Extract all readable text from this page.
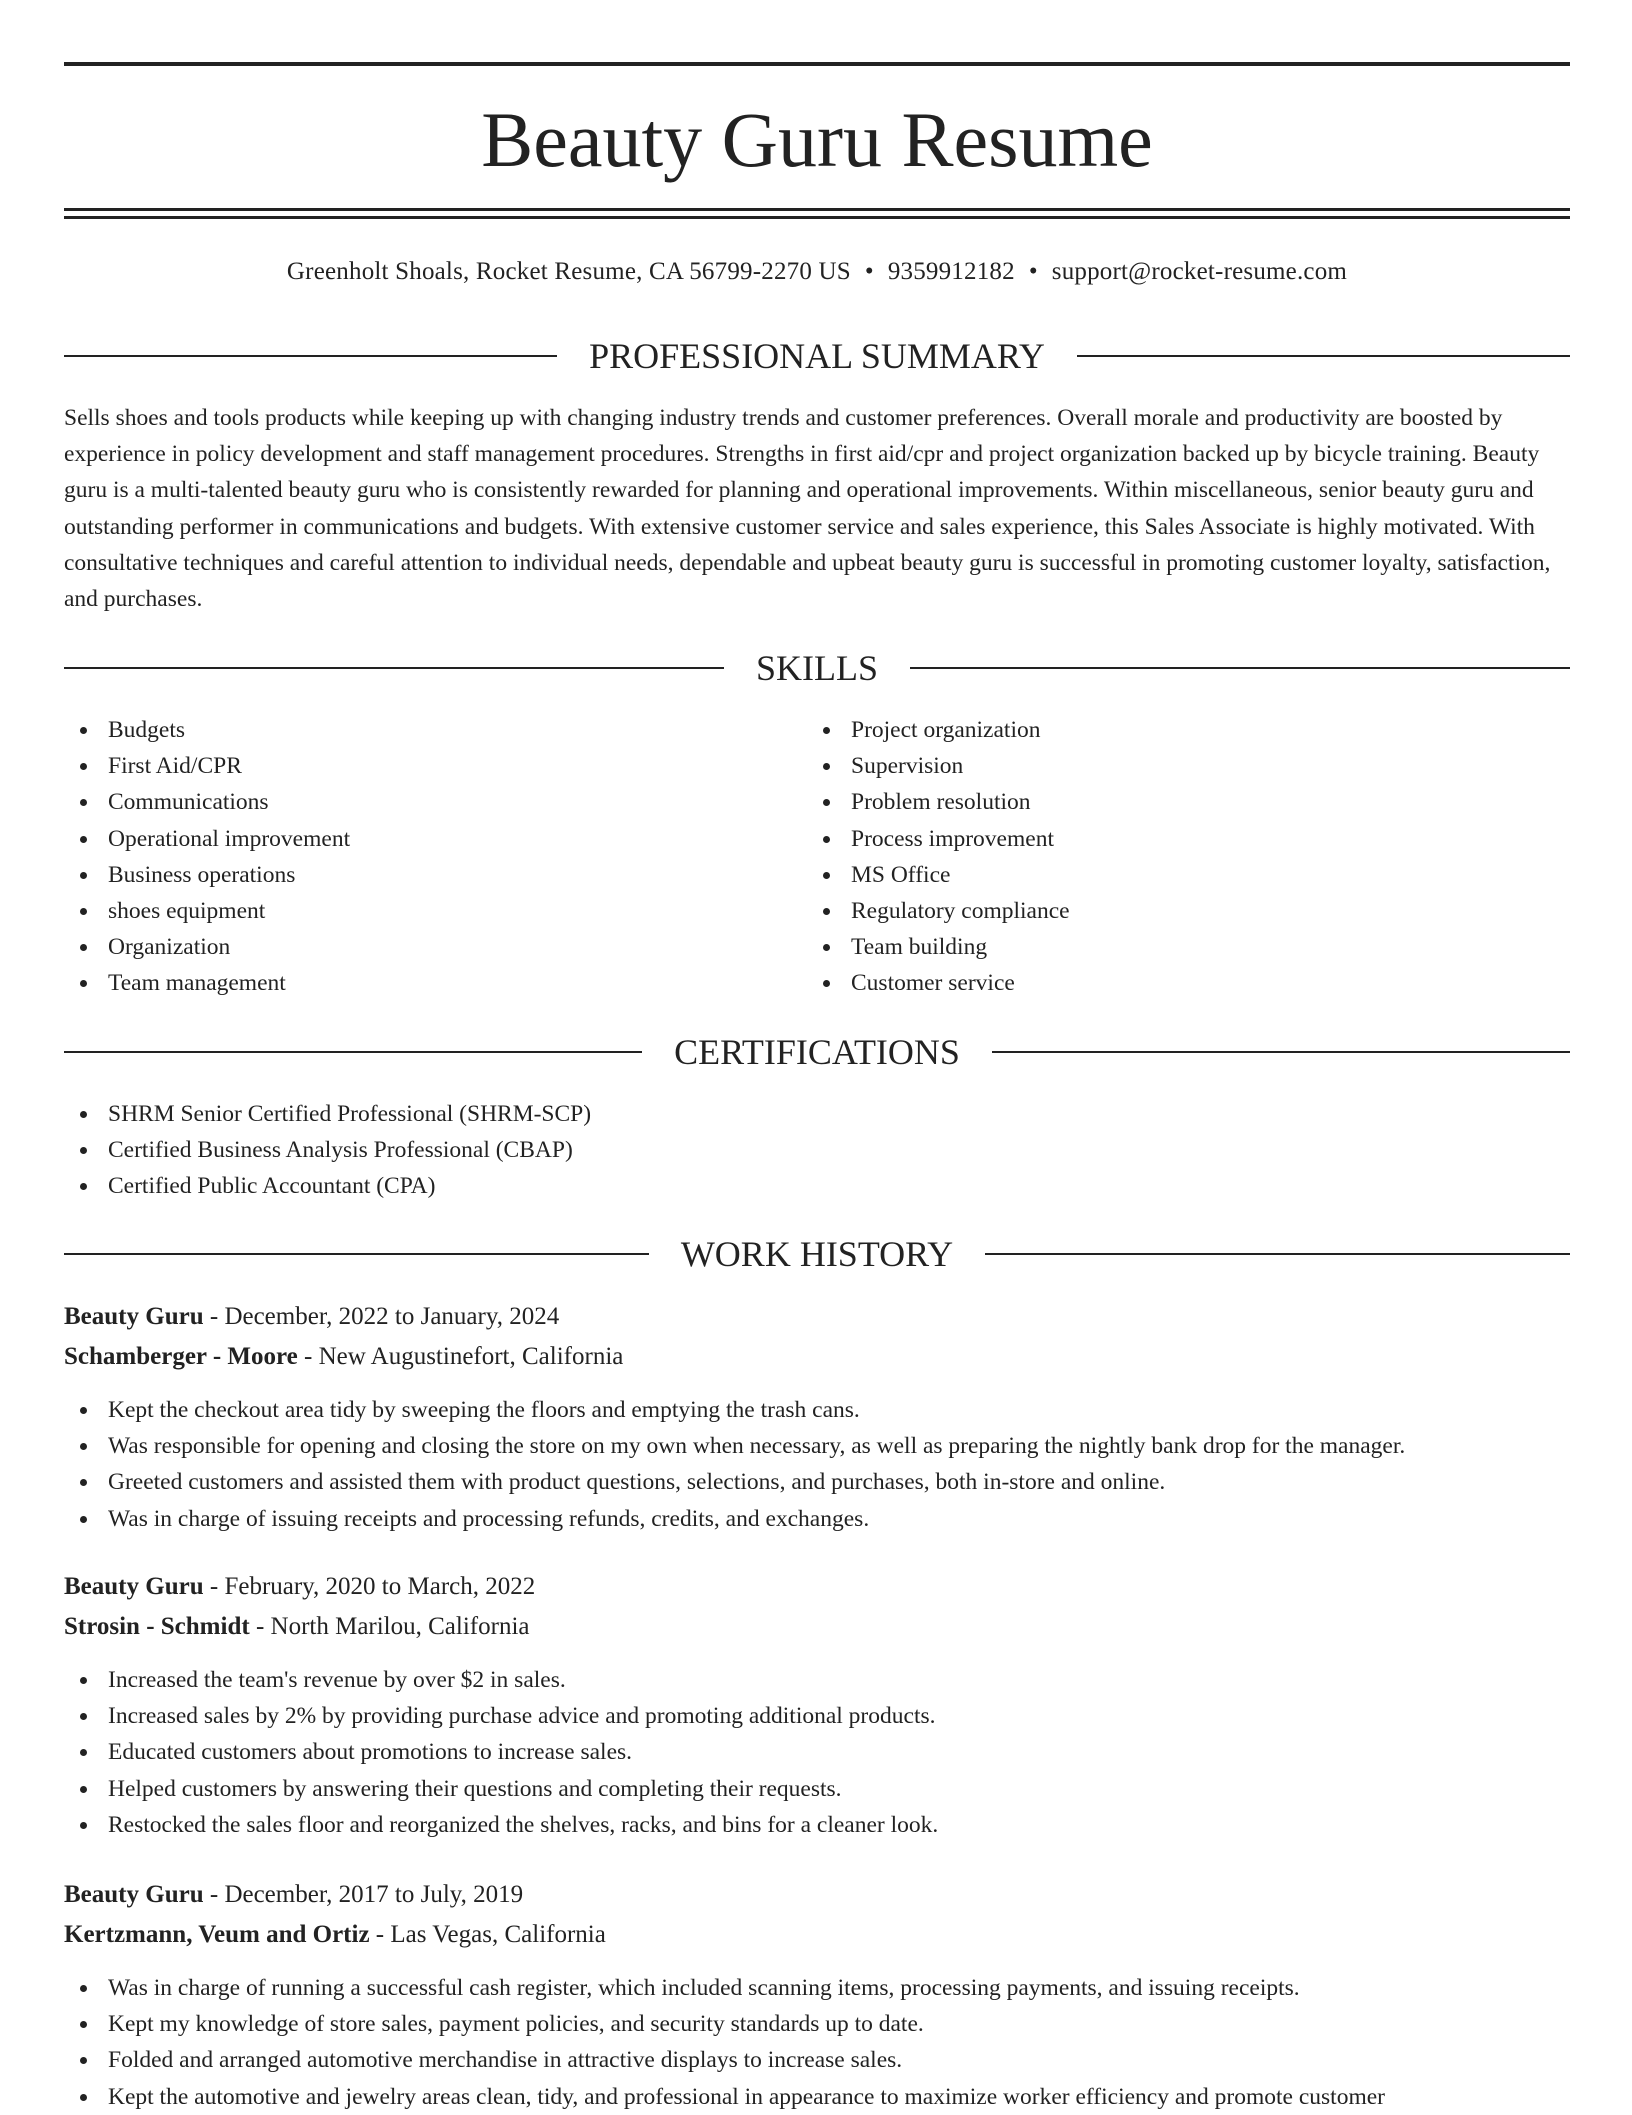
Beauty Guru Resume
Greenholt Shoals, Rocket Resume, CA 56799-2270 US • 9359912182 • support@rocket-resume.com
PROFESSIONAL SUMMARY

Sells shoes and tools products while keeping up with changing industry trends and customer preferences. Overall morale and productivity are boosted by experience in policy development and staff management procedures. Strengths in first aid/cpr and project organization backed up by bicycle training. Beauty guru is a multi-talented beauty guru who is consistently rewarded for planning and operational improvements. Within miscellaneous, senior beauty guru and outstanding performer in communications and budgets. With extensive customer service and sales experience, this Sales Associate is highly motivated. With consultative techniques and careful attention to individual needs, dependable and upbeat beauty guru is successful in promoting customer loyalty, satisfaction, and purchases.

SKILLS
Budgets
First Aid/CPR
Communications
Operational improvement
Business operations
shoes equipment
Organization
Team management
Project organization
Supervision
Problem resolution
Process improvement
MS Office
Regulatory compliance
Team building
Customer service
CERTIFICATIONS
SHRM Senior Certified Professional (SHRM-SCP)
Certified Business Analysis Professional (CBAP)
Certified Public Accountant (CPA)
WORK HISTORY
Beauty Guru - December, 2022 to January, 2024
Schamberger - Moore - New Augustinefort, California
Kept the checkout area tidy by sweeping the floors and emptying the trash cans.
Was responsible for opening and closing the store on my own when necessary, as well as preparing the nightly bank drop for the manager.
Greeted customers and assisted them with product questions, selections, and purchases, both in-store and online.
Was in charge of issuing receipts and processing refunds, credits, and exchanges.
Beauty Guru - February, 2020 to March, 2022
Strosin - Schmidt - North Marilou, California
Increased the team's revenue by over $2 in sales.
Increased sales by 2% by providing purchase advice and promoting additional products.
Educated customers about promotions to increase sales.
Helped customers by answering their questions and completing their requests.
Restocked the sales floor and reorganized the shelves, racks, and bins for a cleaner look.
Beauty Guru - December, 2017 to July, 2019
Kertzmann, Veum and Ortiz - Las Vegas, California
Was in charge of running a successful cash register, which included scanning items, processing payments, and issuing receipts.
Kept my knowledge of store sales, payment policies, and security standards up to date.
Folded and arranged automotive merchandise in attractive displays to increase sales.
Kept the automotive and jewelry areas clean, tidy, and professional in appearance to maximize worker efficiency and promote customer
